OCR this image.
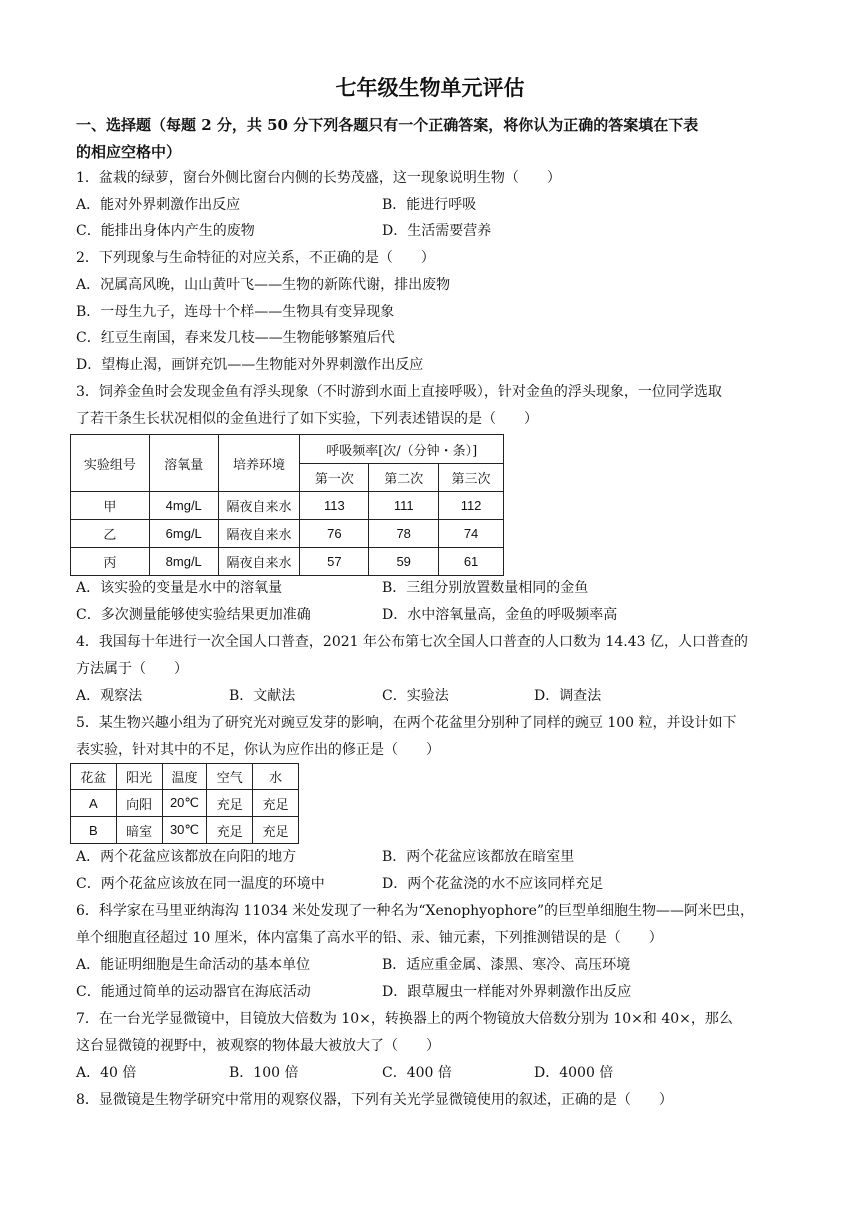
七年级生物单元评估
一、选择题（每题 2 分，共 50 分下列各题只有一个正确答案，将你认为正确的答案填在下表
的相应空格中）
1．盆栽的绿萝，窗台外侧比窗台内侧的长势茂盛，这一现象说明生物（　　）
A．能对外界刺激作出反应	B．能进行呼吸
C．能排出身体内产生的废物	D．生活需要营养
2．下列现象与生命特征的对应关系，不正确的是（　　）
A．况属高风晚，山山黄叶飞——生物的新陈代谢，排出废物
B．一母生九子，连母十个样——生物具有变异现象
C．红豆生南国，春来发几枝——生物能够繁殖后代
D．望梅止渴，画饼充饥——生物能对外界刺激作出反应
3．饲养金鱼时会发现金鱼有浮头现象（不时游到水面上直接呼吸），针对金鱼的浮头现象，一位同学选取
了若干条生长状况相似的金鱼进行了如下实验，下列表述错误的是（　　）
实验组号	溶氧量	培养环境	呼吸频率[次/（分钟・条）]		
			第一次	第二次	第三次
甲	4mg/L	隔夜自来水	113	111	112
乙	6mg/L	隔夜自来水	76	78	74
丙	8mg/L	隔夜自来水	57	59	61
A．该实验的变量是水中的溶氧量	B．三组分别放置数量相同的金鱼
C．多次测量能够使实验结果更加准确	D．水中溶氧量高，金鱼的呼吸频率高
4．我国每十年进行一次全国人口普查，2021 年公布第七次全国人口普查的人口数为 14.43 亿，人口普查的
方法属于（　　）
A．观察法	B．文献法	C．实验法	D．调查法
5．某生物兴趣小组为了研究光对豌豆发芽的影响，在两个花盆里分别种了同样的豌豆 100 粒，并设计如下
表实验，针对其中的不足，你认为应作出的修正是（　　）
花盆	阳光	温度	空气	水
A	向阳	20℃	充足	充足
B	暗室	30℃	充足	充足
A．两个花盆应该都放在向阳的地方	B．两个花盆应该都放在暗室里
C．两个花盆应该放在同一温度的环境中	D．两个花盆浇的水不应该同样充足
6．科学家在马里亚纳海沟 11034 米处发现了一种名为“Xenophyophore”的巨型单细胞生物——阿米巴虫，
单个细胞直径超过 10 厘米，体内富集了高水平的铅、汞、铀元素，下列推测错误的是（　　）
A．能证明细胞是生命活动的基本单位	B．适应重金属、漆黑、寒冷、高压环境
C．能通过简单的运动器官在海底活动	D．跟草履虫一样能对外界刺激作出反应
7．在一台光学显微镜中，目镜放大倍数为 10×，转换器上的两个物镜放大倍数分别为 10×和 40×，那么
这台显微镜的视野中，被观察的物体最大被放大了（　　）
A．40 倍	B．100 倍	C．400 倍	D．4000 倍
8．显微镜是生物学研究中常用的观察仪器，下列有关光学显微镜使用的叙述，正确的是（　　）
